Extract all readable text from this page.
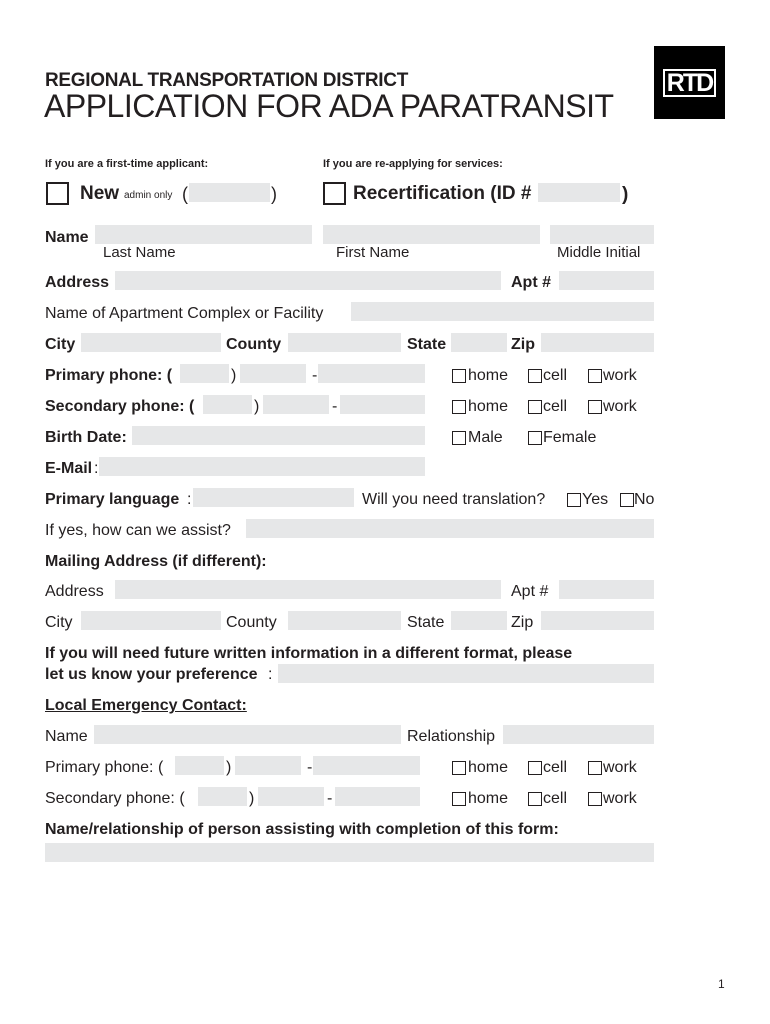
REGIONAL TRANSPORTATION DISTRICT
APPLICATION FOR ADA PARATRANSIT
RTD
If you are a first-time applicant:	If you are re-applying for services:
New admin only (	)	Recertification (ID #	)
Name
Last Name	First Name	Middle Initial
Address	Apt #
Name of Apartment Complex or Facility
City	County	State	Zip
Primary phone: (	)	-	home cell work
Secondary phone: (	)	-	home cell work
Birth Date:	Male	Female
E-Mail :
Primary language :	Will you need translation? Yes No
If yes, how can we assist?
Mailing Address (if different):
Address	Apt #
City	County	State	Zip
If you will need future written information in a different format, please
let us know your preference :
Local Emergency Contact:
Name	Relationship
Primary phone: (	)	-	home cell work
Secondary phone: (	)	-	home cell work
Name/relationship of person assisting with completion of this form:
1
